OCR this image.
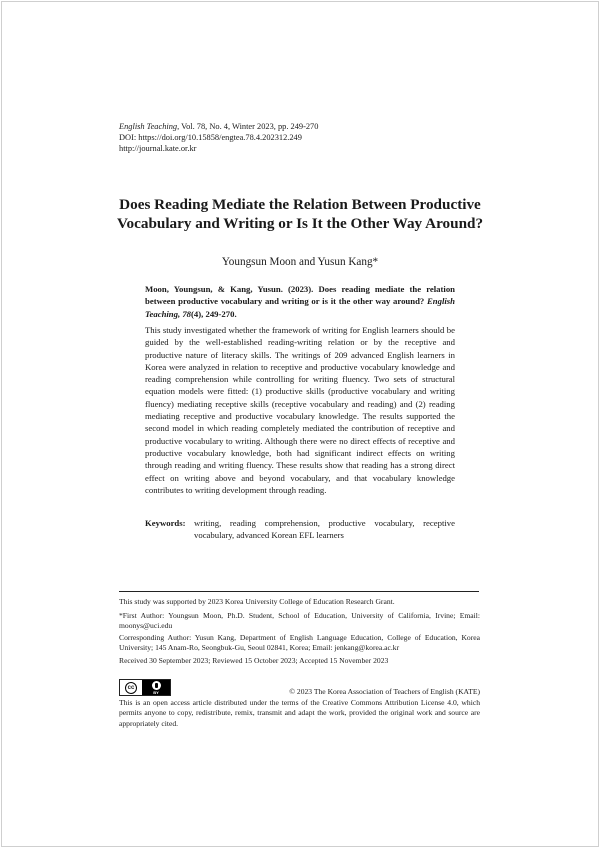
English Teaching, Vol. 78, No. 4, Winter 2023, pp. 249-270
DOI: https://doi.org/10.15858/engtea.78.4.202312.249
http://journal.kate.or.kr
Does Reading Mediate the Relation Between Productive
Vocabulary and Writing or Is It the Other Way Around?
Youngsun Moon and Yusun Kang*
Moon, Youngsun, & Kang, Yusun. (2023). Does reading mediate the relation between productive vocabulary and writing or is it the other way around? English Teaching, 78(4), 249-270.
This study investigated whether the framework of writing for English learners should be guided by the well-established reading-writing relation or by the receptive and productive nature of literacy skills. The writings of 209 advanced English learners in Korea were analyzed in relation to receptive and productive vocabulary knowledge and reading comprehension while controlling for writing fluency. Two sets of structural equation models were fitted: (1) productive skills (productive vocabulary and writing fluency) mediating receptive skills (receptive vocabulary and reading) and (2) reading mediating receptive and productive vocabulary knowledge. The results supported the second model in which reading completely mediated the contribution of receptive and productive vocabulary to writing. Although there were no direct effects of receptive and productive vocabulary knowledge, both had significant indirect effects on writing through reading and writing fluency. These results show that reading has a strong direct effect on writing above and beyond vocabulary, and that vocabulary knowledge contributes to writing development through reading.
Keywords: writing, reading comprehension, productive vocabulary, receptive vocabulary, advanced Korean EFL learners
This study was supported by 2023 Korea University College of Education Research Grant.
*First Author: Youngsun Moon, Ph.D. Student, School of Education, University of California, Irvine; Email: moonys@uci.edu
Corresponding Author: Yusun Kang, Department of English Language Education, College of Education, Korea University; 145 Anam-Ro, Seongbuk-Gu, Seoul 02841, Korea; Email: jenkang@korea.ac.kr
Received 30 September 2023; Reviewed 15 October 2023; Accepted 15 November 2023
cc
BY	© 2023 The Korea Association of Teachers of English (KATE)
This is an open access article distributed under the terms of the Creative Commons Attribution License 4.0, which permits anyone to copy, redistribute, remix, transmit and adapt the work, provided the original work and source are appropriately cited.
